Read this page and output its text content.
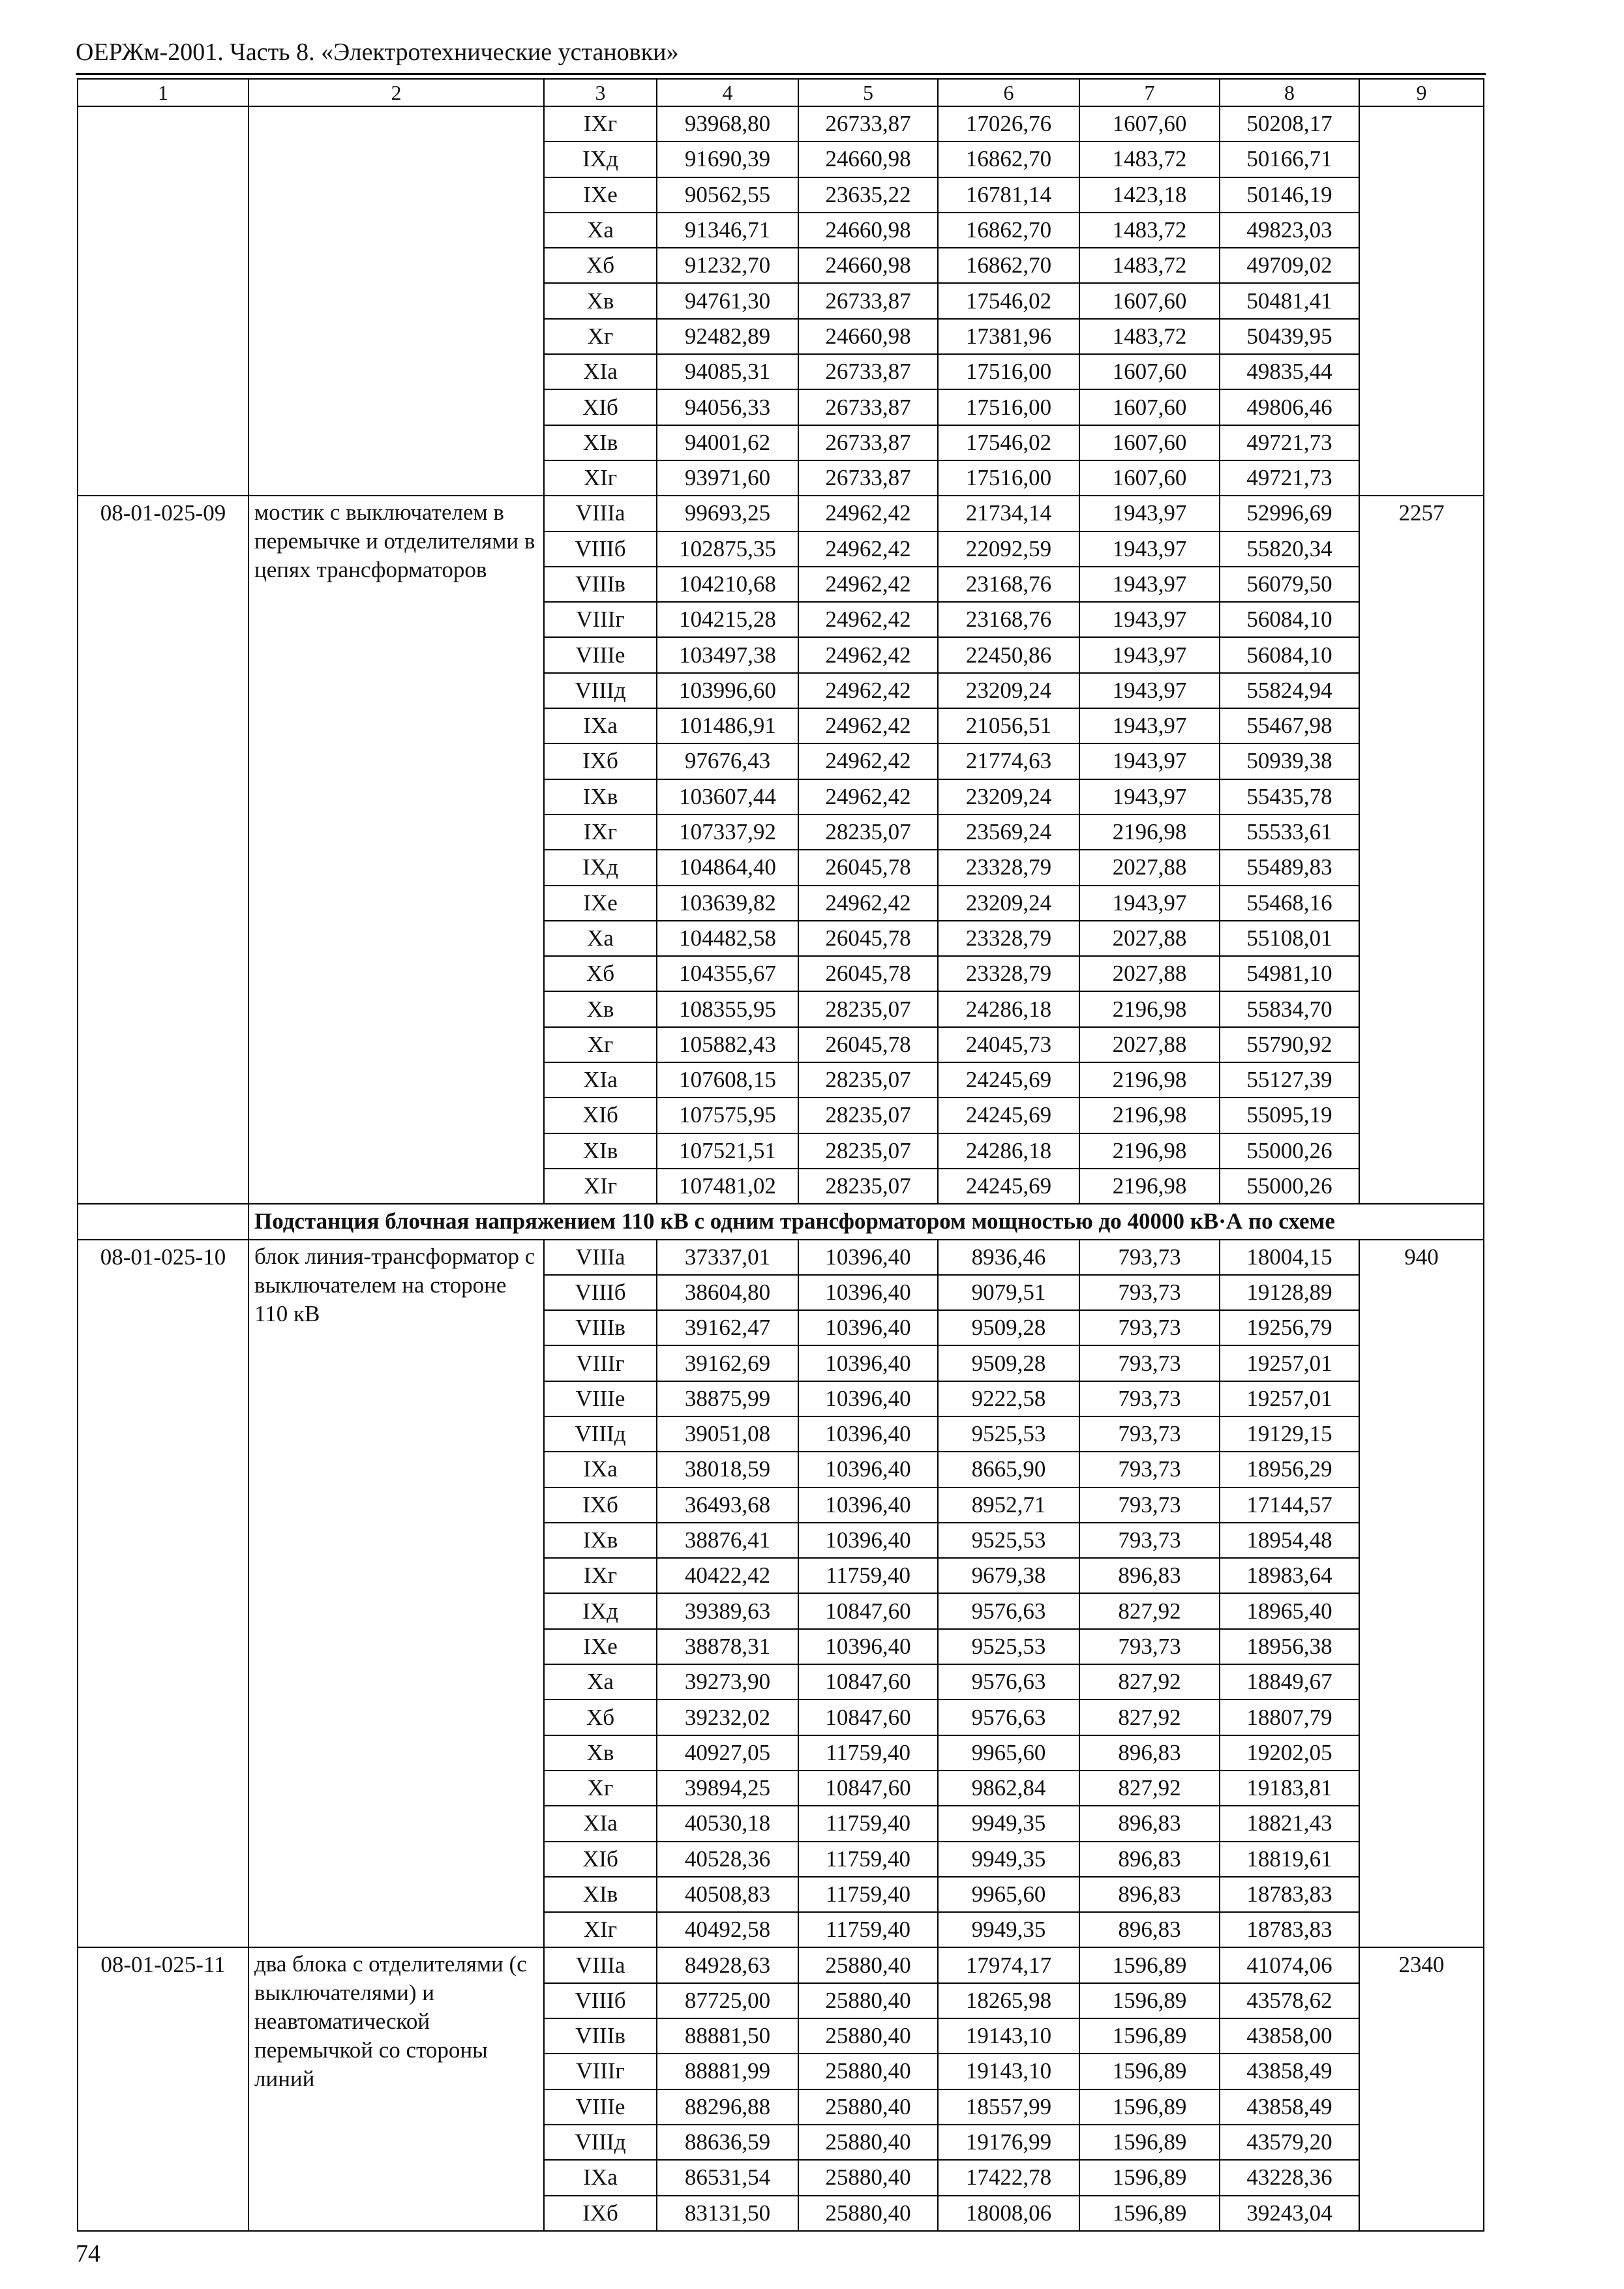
ОЕРЖм-2001. Часть 8. «Электротехнические установки»
1	2	3	4	5	6	7	8	9
		IXг	93968,80	26733,87	17026,76	1607,60	50208,17	
		IXд	91690,39	24660,98	16862,70	1483,72	50166,71	
		IXе	90562,55	23635,22	16781,14	1423,18	50146,19	
		Xа	91346,71	24660,98	16862,70	1483,72	49823,03	
		Xб	91232,70	24660,98	16862,70	1483,72	49709,02	
		Xв	94761,30	26733,87	17546,02	1607,60	50481,41	
		Xг	92482,89	24660,98	17381,96	1483,72	50439,95	
		XIа	94085,31	26733,87	17516,00	1607,60	49835,44	
		XIб	94056,33	26733,87	17516,00	1607,60	49806,46	
		XIв	94001,62	26733,87	17546,02	1607,60	49721,73	
		XIг	93971,60	26733,87	17516,00	1607,60	49721,73	
08-01-025-09	мостик с выключателем в перемычке и отделителями в цепях трансформаторов	VIIIа	99693,25	24962,42	21734,14	1943,97	52996,69	2257
		VIIIб	102875,35	24962,42	22092,59	1943,97	55820,34	
		VIIIв	104210,68	24962,42	23168,76	1943,97	56079,50	
		VIIIг	104215,28	24962,42	23168,76	1943,97	56084,10	
		VIIIе	103497,38	24962,42	22450,86	1943,97	56084,10	
		VIIIд	103996,60	24962,42	23209,24	1943,97	55824,94	
		IXа	101486,91	24962,42	21056,51	1943,97	55467,98	
		IXб	97676,43	24962,42	21774,63	1943,97	50939,38	
		IXв	103607,44	24962,42	23209,24	1943,97	55435,78	
		IXг	107337,92	28235,07	23569,24	2196,98	55533,61	
		IXд	104864,40	26045,78	23328,79	2027,88	55489,83	
		IXе	103639,82	24962,42	23209,24	1943,97	55468,16	
		Xа	104482,58	26045,78	23328,79	2027,88	55108,01	
		Xб	104355,67	26045,78	23328,79	2027,88	54981,10	
		Xв	108355,95	28235,07	24286,18	2196,98	55834,70	
		Xг	105882,43	26045,78	24045,73	2027,88	55790,92	
		XIа	107608,15	28235,07	24245,69	2196,98	55127,39	
		XIб	107575,95	28235,07	24245,69	2196,98	55095,19	
		XIв	107521,51	28235,07	24286,18	2196,98	55000,26	
		XIг	107481,02	28235,07	24245,69	2196,98	55000,26	
	Подстанция блочная напряжением 110 кВ с одним трансформатором мощностью до 40000 кВ·А по схеме							
08-01-025-10	блок линия-трансформатор с выключателем на стороне 110 кВ	VIIIа	37337,01	10396,40	8936,46	793,73	18004,15	940
		VIIIб	38604,80	10396,40	9079,51	793,73	19128,89	
		VIIIв	39162,47	10396,40	9509,28	793,73	19256,79	
		VIIIг	39162,69	10396,40	9509,28	793,73	19257,01	
		VIIIе	38875,99	10396,40	9222,58	793,73	19257,01	
		VIIIд	39051,08	10396,40	9525,53	793,73	19129,15	
		IXа	38018,59	10396,40	8665,90	793,73	18956,29	
		IXб	36493,68	10396,40	8952,71	793,73	17144,57	
		IXв	38876,41	10396,40	9525,53	793,73	18954,48	
		IXг	40422,42	11759,40	9679,38	896,83	18983,64	
		IXд	39389,63	10847,60	9576,63	827,92	18965,40	
		IXе	38878,31	10396,40	9525,53	793,73	18956,38	
		Xа	39273,90	10847,60	9576,63	827,92	18849,67	
		Xб	39232,02	10847,60	9576,63	827,92	18807,79	
		Xв	40927,05	11759,40	9965,60	896,83	19202,05	
		Xг	39894,25	10847,60	9862,84	827,92	19183,81	
		XIа	40530,18	11759,40	9949,35	896,83	18821,43	
		XIб	40528,36	11759,40	9949,35	896,83	18819,61	
		XIв	40508,83	11759,40	9965,60	896,83	18783,83	
		XIг	40492,58	11759,40	9949,35	896,83	18783,83	
08-01-025-11	два блока с отделителями (с выключателями) и неавтоматической перемычкой со стороны линий	VIIIа	84928,63	25880,40	17974,17	1596,89	41074,06	2340
		VIIIб	87725,00	25880,40	18265,98	1596,89	43578,62	
		VIIIв	88881,50	25880,40	19143,10	1596,89	43858,00	
		VIIIг	88881,99	25880,40	19143,10	1596,89	43858,49	
		VIIIе	88296,88	25880,40	18557,99	1596,89	43858,49	
		VIIIд	88636,59	25880,40	19176,99	1596,89	43579,20	
		IXа	86531,54	25880,40	17422,78	1596,89	43228,36	
		IXб	83131,50	25880,40	18008,06	1596,89	39243,04	
74
